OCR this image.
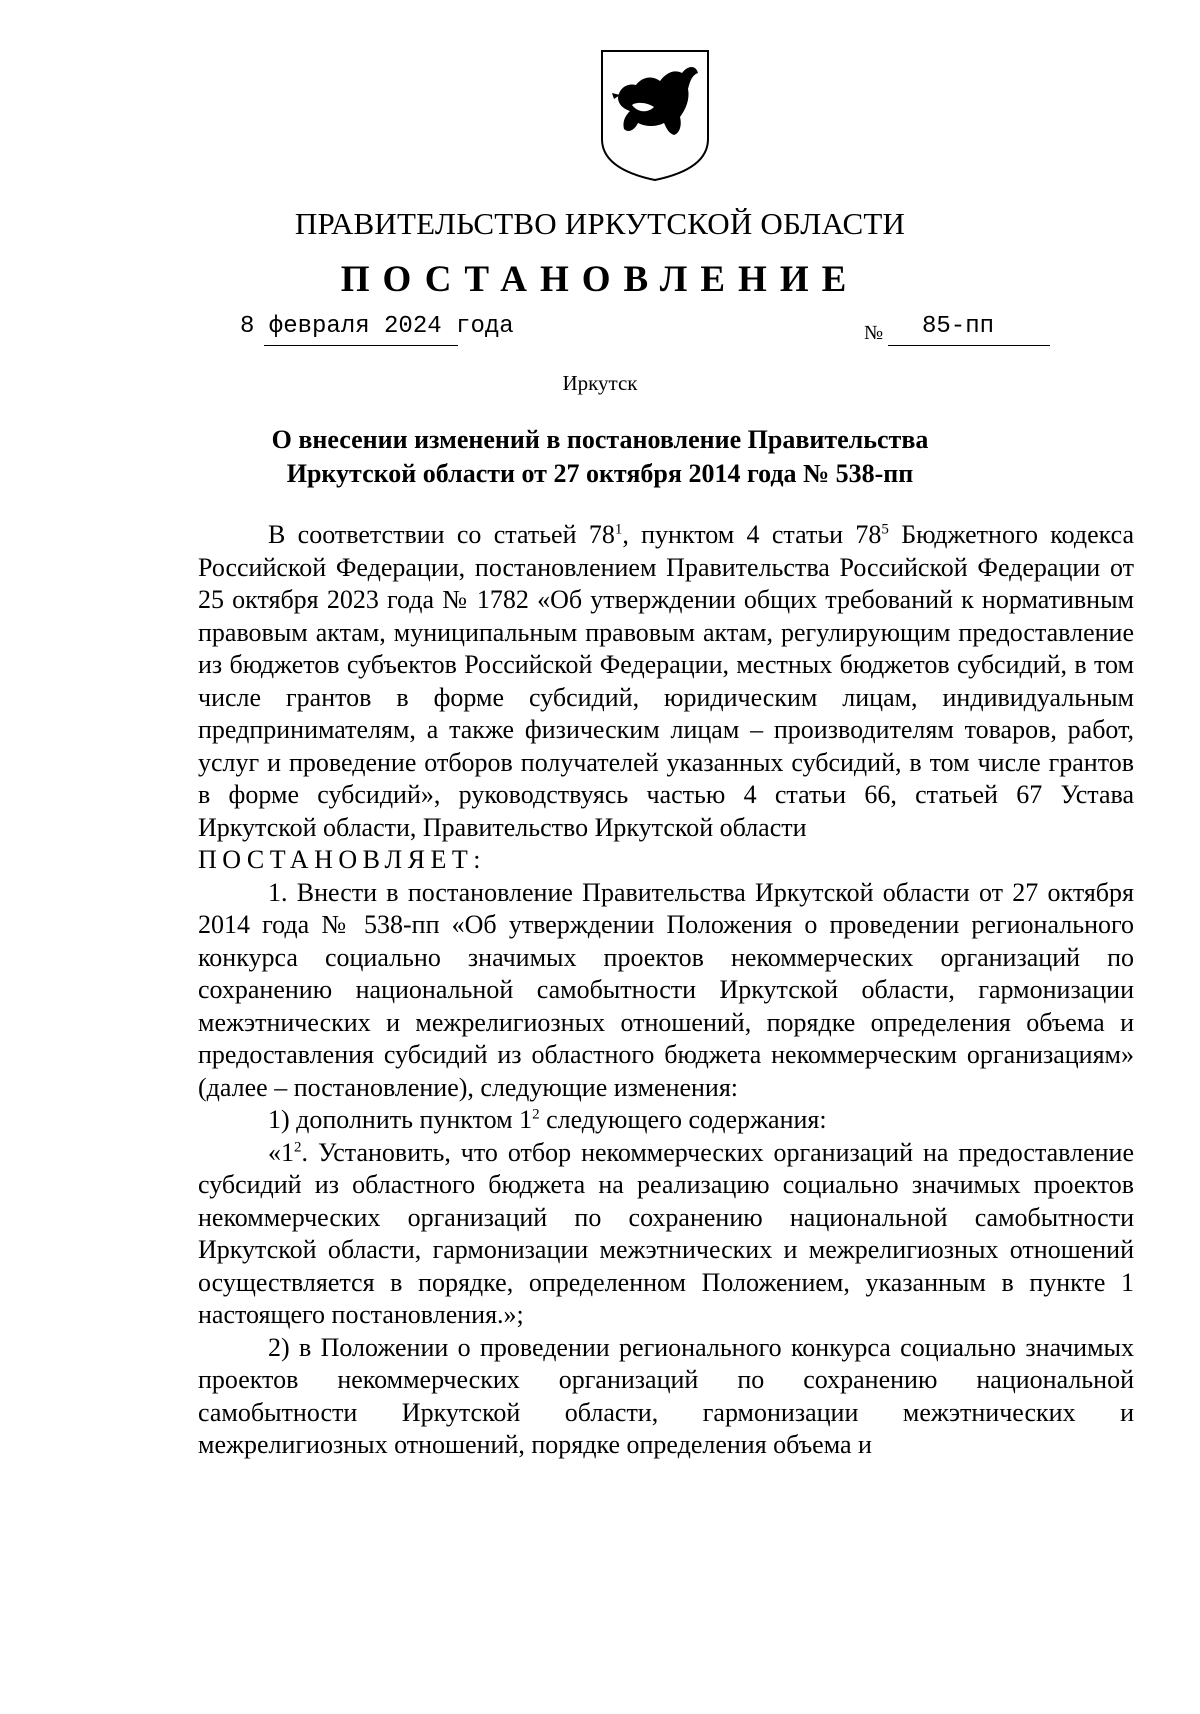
ПРАВИТЕЛЬСТВО ИРКУТСКОЙ ОБЛАСТИ
ПОСТАНОВЛЕНИЕ
8 февраля 2024 года	№ 85-пп
Иркутск
О внесении изменений в постановление Правительства
Иркутской области от 27 октября 2014 года № 538-пп

В соответствии со статьей $78^1$, пунктом 4 статьи $78^5$ Бюджетного кодекса Российской Федерации, постановлением Правительства Российской Федерации от 25 октября 2023 года № 1782 «Об утверждении общих требований к нормативным правовым актам, муниципальным правовым актам, регулирующим предоставление из бюджетов субъектов Российской Федерации, местных бюджетов субсидий, в том числе грантов в форме субсидий, юридическим лицам, индивидуальным предпринимателям, а также физическим лицам – производителям товаров, работ, услуг и проведение отборов получателей указанных субсидий, в том числе грантов в форме субсидий», руководствуясь частью 4 статьи 66, статьей 67 Устава Иркутской области, Правительство Иркутской области

ПОСТАНОВЛЯЕТ:

1. Внести в постановление Правительства Иркутской области от 27 октября 2014 года № 538-пп «Об утверждении Положения о проведении регионального конкурса социально значимых проектов некоммерческих организаций по сохранению национальной самобытности Иркутской области, гармонизации межэтнических и межрелигиозных отношений, порядке определения объема и предоставления субсидий из областного бюджета некоммерческим организациям» (далее – постановление), следующие изменения:

1) дополнить пунктом $1^2$ следующего содержания:

«$1^2$. Установить, что отбор некоммерческих организаций на предоставление субсидий из областного бюджета на реализацию социально значимых проектов некоммерческих организаций по сохранению национальной самобытности Иркутской области, гармонизации межэтнических и межрелигиозных отношений осуществляется в порядке, определенном Положением, указанным в пункте 1 настоящего постановления.»;

2) в Положении о проведении регионального конкурса социально значимых проектов некоммерческих организаций по сохранению национальной самобытности Иркутской области, гармонизации межэтнических и межрелигиозных отношений, порядке определения объема и
